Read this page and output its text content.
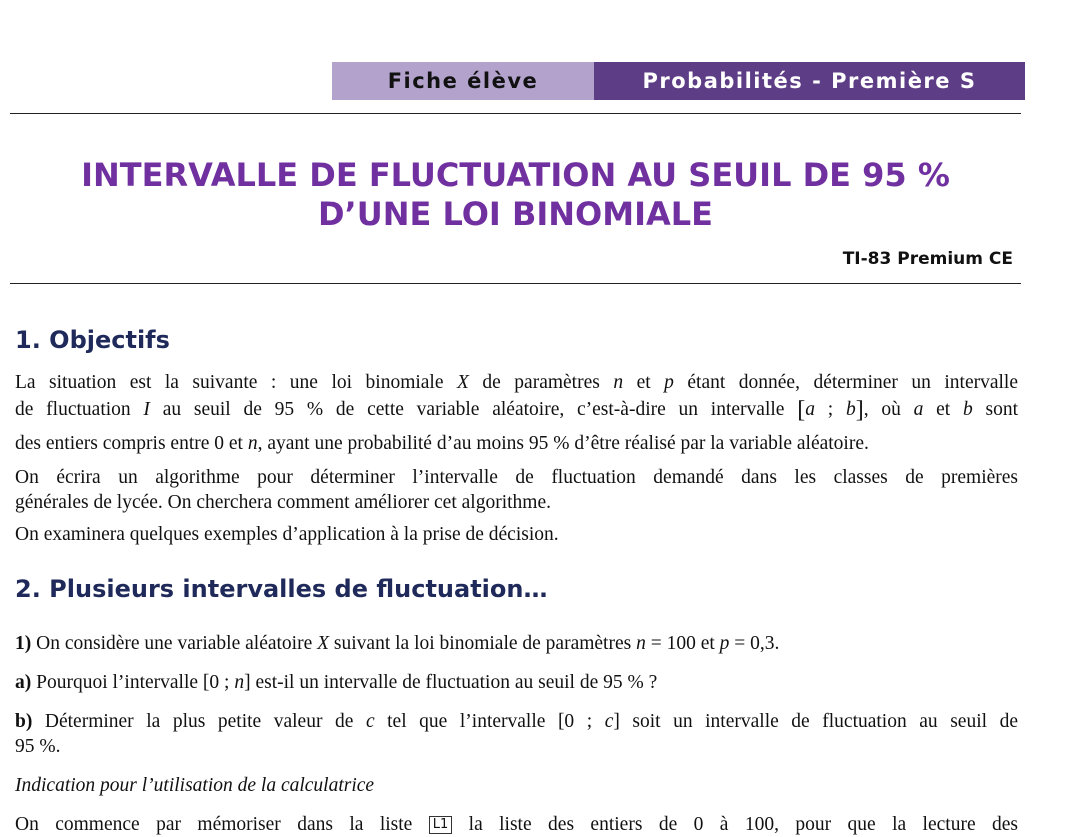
Fiche élève	Probabilités - Première S
INTERVALLE DE FLUCTUATION AU SEUIL DE 95 %
D’UNE LOI BINOMIALE
TI-83 Premium CE
1. Objectifs
La situation est la suivante : une loi binomiale X de paramètres n et p étant donnée, déterminer un intervalle
de fluctuation I au seuil de 95 % de cette variable aléatoire, c’est-à-dire un intervalle [a ; b], où a et b sont
des entiers compris entre 0 et n, ayant une probabilité d’au moins 95 % d’être réalisé par la variable aléatoire.
On écrira un algorithme pour déterminer l’intervalle de fluctuation demandé dans les classes de premières
générales de lycée. On cherchera comment améliorer cet algorithme.
On examinera quelques exemples d’application à la prise de décision.
2. Plusieurs intervalles de fluctuation…
1) On considère une variable aléatoire X suivant la loi binomiale de paramètres n = 100 et p = 0,3.
a) Pourquoi l’intervalle [0 ; n] est-il un intervalle de fluctuation au seuil de 95 % ?
b) Déterminer la plus petite valeur de c tel que l’intervalle [0 ; c] soit un intervalle de fluctuation au seuil de
95 %.
Indication pour l’utilisation de la calculatrice
On commence par mémoriser dans la liste L1 la liste des entiers de 0 à 100, pour que la lecture des
